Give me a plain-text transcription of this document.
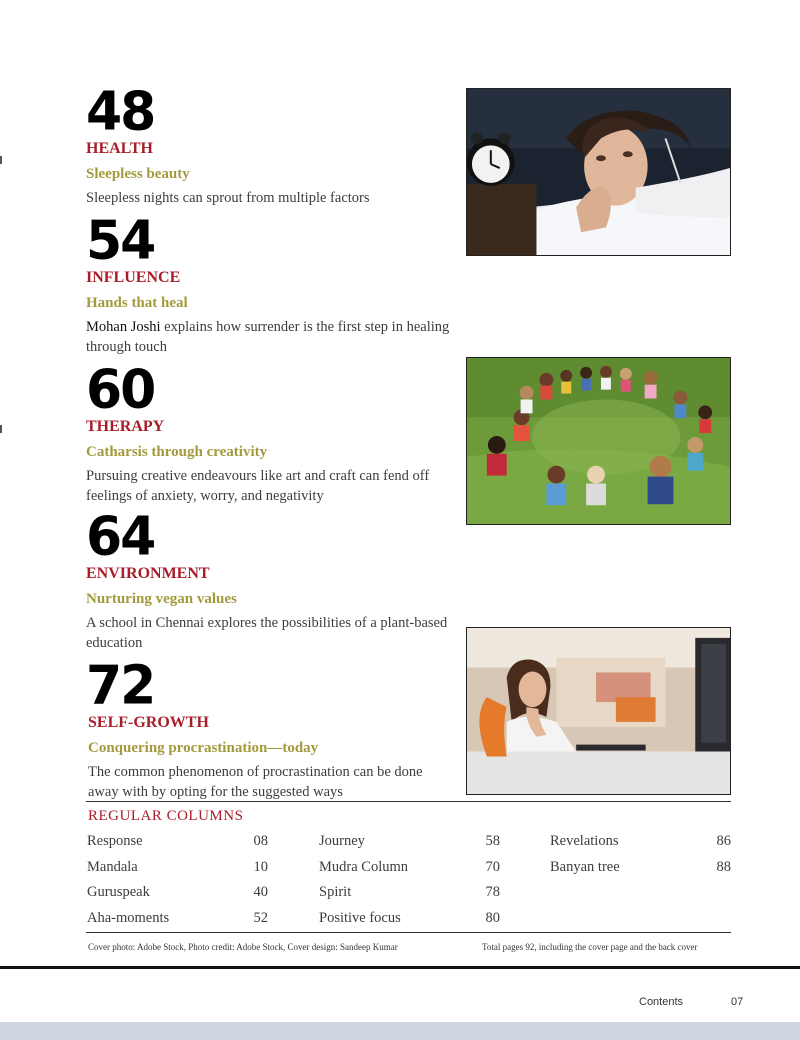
48
HEALTH
Sleepless beauty
Sleepless nights can sprout from multiple factors
54
INFLUENCE
Hands that heal
Mohan Joshi explains how surrender is the first step in healing through touch
60
THERAPY
Catharsis through creativity
Pursuing creative endeavours like art and craft can fend off feelings of anxiety, worry, and negativity
64
ENVIRONMENT
Nurturing vegan values
A school in Chennai explores the possibilities of a plant-based education
72
SELF-GROWTH
Conquering procrastination—today
The common phenomenon of procrastination can be done away with by opting for the suggested ways
REGULAR COLUMNS
Response	08
Mandala	10
Guruspeak	40
Aha-moments	52
Journey	58
Mudra Column	70
Spirit	78
Positive focus	80
Revelations	86
Banyan tree	88
Cover photo: Adobe Stock, Photo credit: Adobe Stock, Cover design: Sandeep Kumar	Total pages 92, including the cover page and the back cover
Contents	07
